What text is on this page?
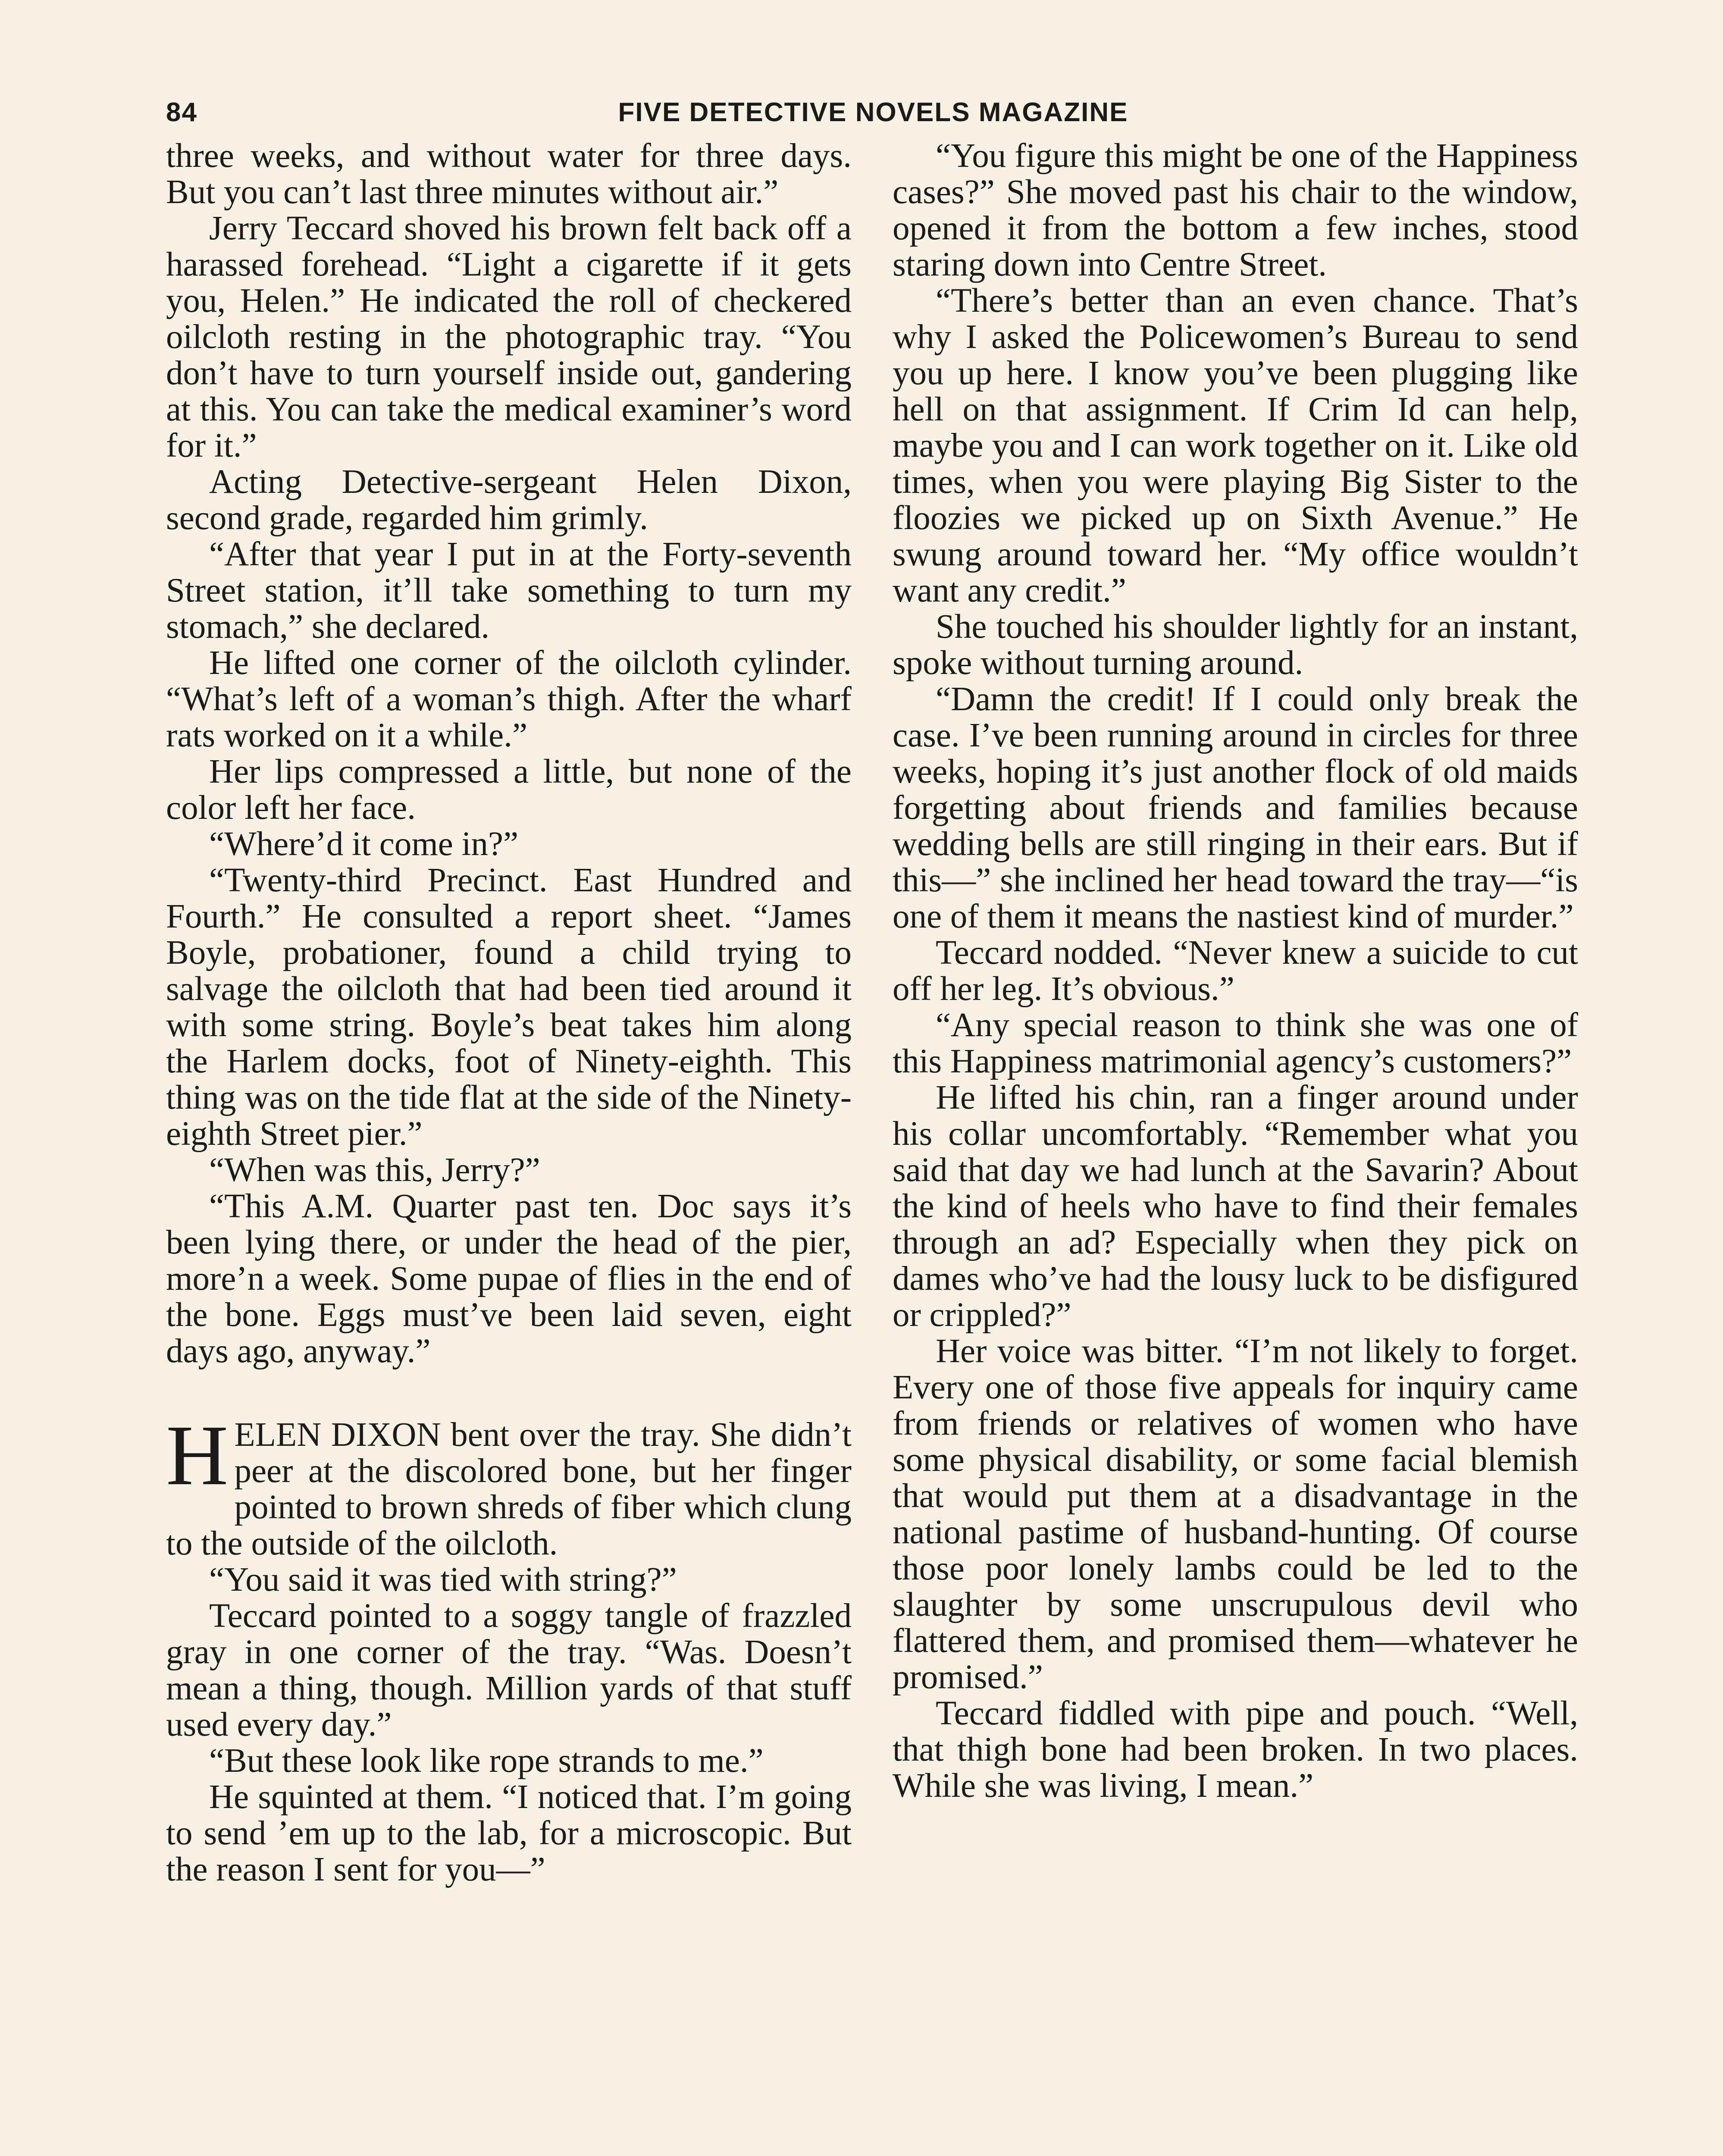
84	FIVE DETECTIVE NOVELS MAGAZINE

three weeks, and without water for three days. But you can’t last three minutes without air.”

Jerry Teccard shoved his brown felt back off a harassed forehead. “Light a cigarette if it gets you, Helen.” He indicated the roll of checkered oilcloth resting in the photographic tray. “You don’t have to turn yourself inside out, gandering at this. You can take the medical examiner’s word for it.”

Acting Detective-sergeant Helen Dixon, second grade, regarded him grimly.

“After that year I put in at the Forty-seventh Street station, it’ll take something to turn my stomach,” she declared.

He lifted one corner of the oilcloth cylinder. “What’s left of a woman’s thigh. After the wharf rats worked on it a while.”

Her lips compressed a little, but none of the color left her face.

“Where’d it come in?”

“Twenty-third Precinct. East Hundred and Fourth.” He consulted a report sheet. “James Boyle, probationer, found a child trying to salvage the oilcloth that had been tied around it with some string. Boyle’s beat takes him along the Harlem docks, foot of Ninety-eighth. This thing was on the tide flat at the side of the Ninety-eighth Street pier.”

“When was this, Jerry?”

“This A.M. Quarter past ten. Doc says it’s been lying there, or under the head of the pier, more’n a week. Some pupae of flies in the end of the bone. Eggs must’ve been laid seven, eight days ago, anyway.”

HELEN DIXON bent over the tray. She didn’t peer at the discolored bone, but her finger pointed to brown shreds of fiber which clung to the outside of the oilcloth.

“You said it was tied with string?”

Teccard pointed to a soggy tangle of frazzled gray in one corner of the tray. “Was. Doesn’t mean a thing, though. Million yards of that stuff used every day.”

“But these look like rope strands to me.”

He squinted at them. “I noticed that. I’m going to send ’em up to the lab, for a microscopic. But the reason I sent for you—”

“You figure this might be one of the Happiness cases?” She moved past his chair to the window, opened it from the bottom a few inches, stood staring down into Centre Street.

“There’s better than an even chance. That’s why I asked the Policewomen’s Bureau to send you up here. I know you’ve been plugging like hell on that assignment. If Crim Id can help, maybe you and I can work together on it. Like old times, when you were playing Big Sister to the floozies we picked up on Sixth Avenue.” He swung around toward her. “My office wouldn’t want any credit.”

She touched his shoulder lightly for an instant, spoke without turning around.

“Damn the credit! If I could only break the case. I’ve been running around in circles for three weeks, hoping it’s just another flock of old maids forgetting about friends and families because wedding bells are still ringing in their ears. But if this—” she inclined her head toward the tray—“is one of them it means the nastiest kind of murder.”

Teccard nodded. “Never knew a suicide to cut off her leg. It’s obvious.”

“Any special reason to think she was one of this Happiness matrimonial agency’s customers?”

He lifted his chin, ran a finger around under his collar uncomfortably. “Remember what you said that day we had lunch at the Savarin? About the kind of heels who have to find their females through an ad? Especially when they pick on dames who’ve had the lousy luck to be disfigured or crippled?”

Her voice was bitter. “I’m not likely to forget. Every one of those five appeals for inquiry came from friends or relatives of women who have some physical disability, or some facial blemish that would put them at a disadvantage in the national pastime of husband-hunting. Of course those poor lonely lambs could be led to the slaughter by some unscrupulous devil who flattered them, and promised them—whatever he promised.”

Teccard fiddled with pipe and pouch. “Well, that thigh bone had been broken. In two places. While she was living, I mean.”
